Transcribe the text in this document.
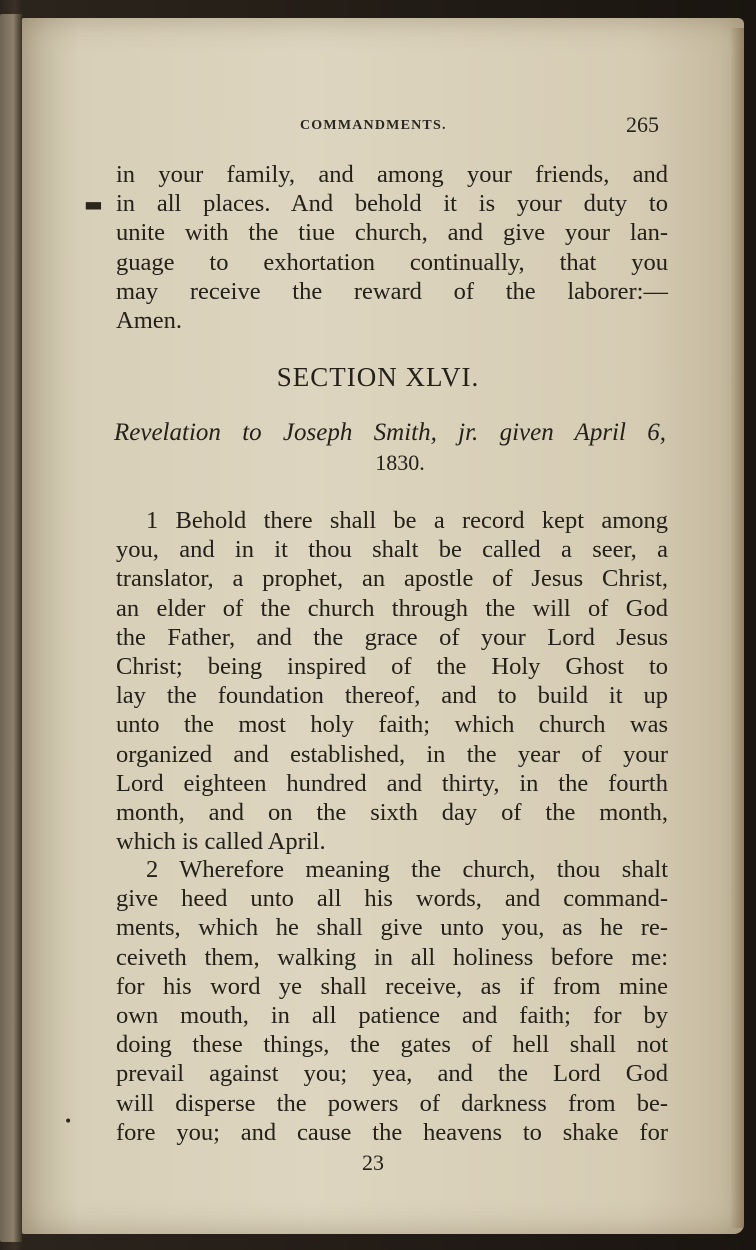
COMMANDMENTS.	265
▬
in your family, and among your friends, and
in all places. And behold it is your duty to
unite with the tiue church, and give your lan-
guage to exhortation continually, that you
may receive the reward of the laborer:—
Amen.
SECTION XLVI.
Revelation to Joseph Smith, jr. given April 6,
1830.
1 Behold there shall be a record kept among
you, and in it thou shalt be called a seer, a
translator, a prophet, an apostle of Jesus Christ,
an elder of the church through the will of God
the Father, and the grace of your Lord Jesus
Christ; being inspired of the Holy Ghost to
lay the foundation thereof, and to build it up
unto the most holy faith; which church was
organized and established, in the year of your
Lord eighteen hundred and thirty, in the fourth
month, and on the sixth day of the month,
which is called April.
2 Wherefore meaning the church, thou shalt
give heed unto all his words, and command-
ments, which he shall give unto you, as he re-
ceiveth them, walking in all holiness before me:
for his word ye shall receive, as if from mine
own mouth, in all patience and faith; for by
doing these things, the gates of hell shall not
prevail against you; yea, and the Lord God
will disperse the powers of darkness from be-
fore you; and cause the heavens to shake for
•
23
